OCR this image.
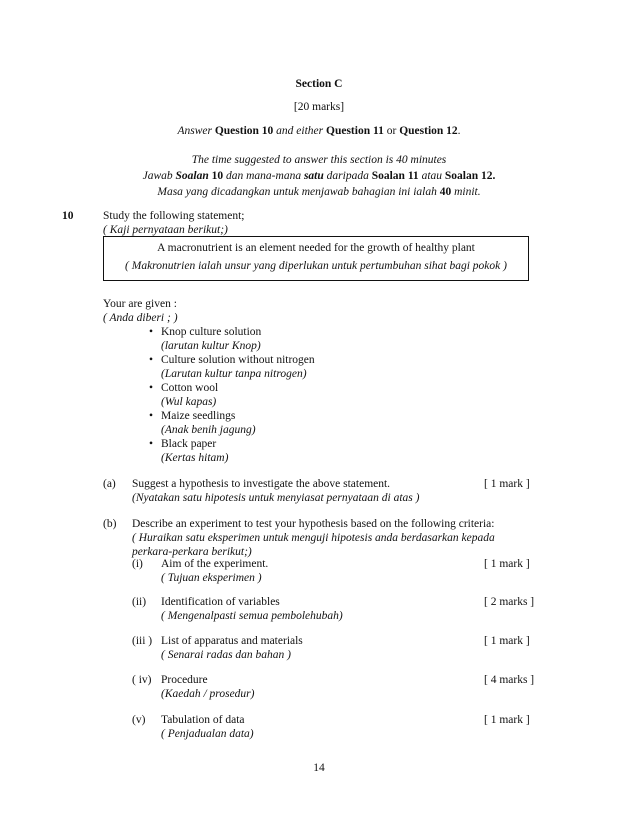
Section C
[20 marks]
Answer Question 10 and either Question 11 or Question 12.
The time suggested to answer this section is 40 minutes
Jawab Soalan 10 dan mana-mana satu daripada Soalan 11 atau Soalan 12.
Masa yang dicadangkan untuk menjawab bahagian ini ialah 40 minit.
10	Study the following statement;
( Kaji pernyataan berikut;)
A macronutrient is an element needed for the growth of healthy plant
( Makronutrien ialah unsur yang diperlukan untuk pertumbuhan sihat bagi pokok )
Your are given :
( Anda diberi ; )
• Knop culture solution
(larutan kultur Knop)
• Culture solution without nitrogen
(Larutan kultur tanpa nitrogen)
• Cotton wool
(Wul kapas)
• Maize seedlings
(Anak benih jagung)
• Black paper
(Kertas hitam)
(a) Suggest a hypothesis to investigate the above statement.	[ 1 mark ]
(Nyatakan satu hipotesis untuk menyiasat pernyataan di atas )
(b) Describe an experiment to test your hypothesis based on the following criteria:
( Huraikan satu eksperimen untuk menguji hipotesis anda berdasarkan kepada
perkara-perkara berikut;)
(i) Aim of the experiment.	[ 1 mark ]
( Tujuan eksperimen )
(ii) Identification of variables	[ 2 marks ]
( Mengenalpasti semua pembolehubah)
(iii ) List of apparatus and materials	[ 1 mark ]
( Senarai radas dan bahan )
( iv) Procedure	[ 4 marks ]
(Kaedah / prosedur)
(v) Tabulation of data	[ 1 mark ]
( Penjadualan data)
14
